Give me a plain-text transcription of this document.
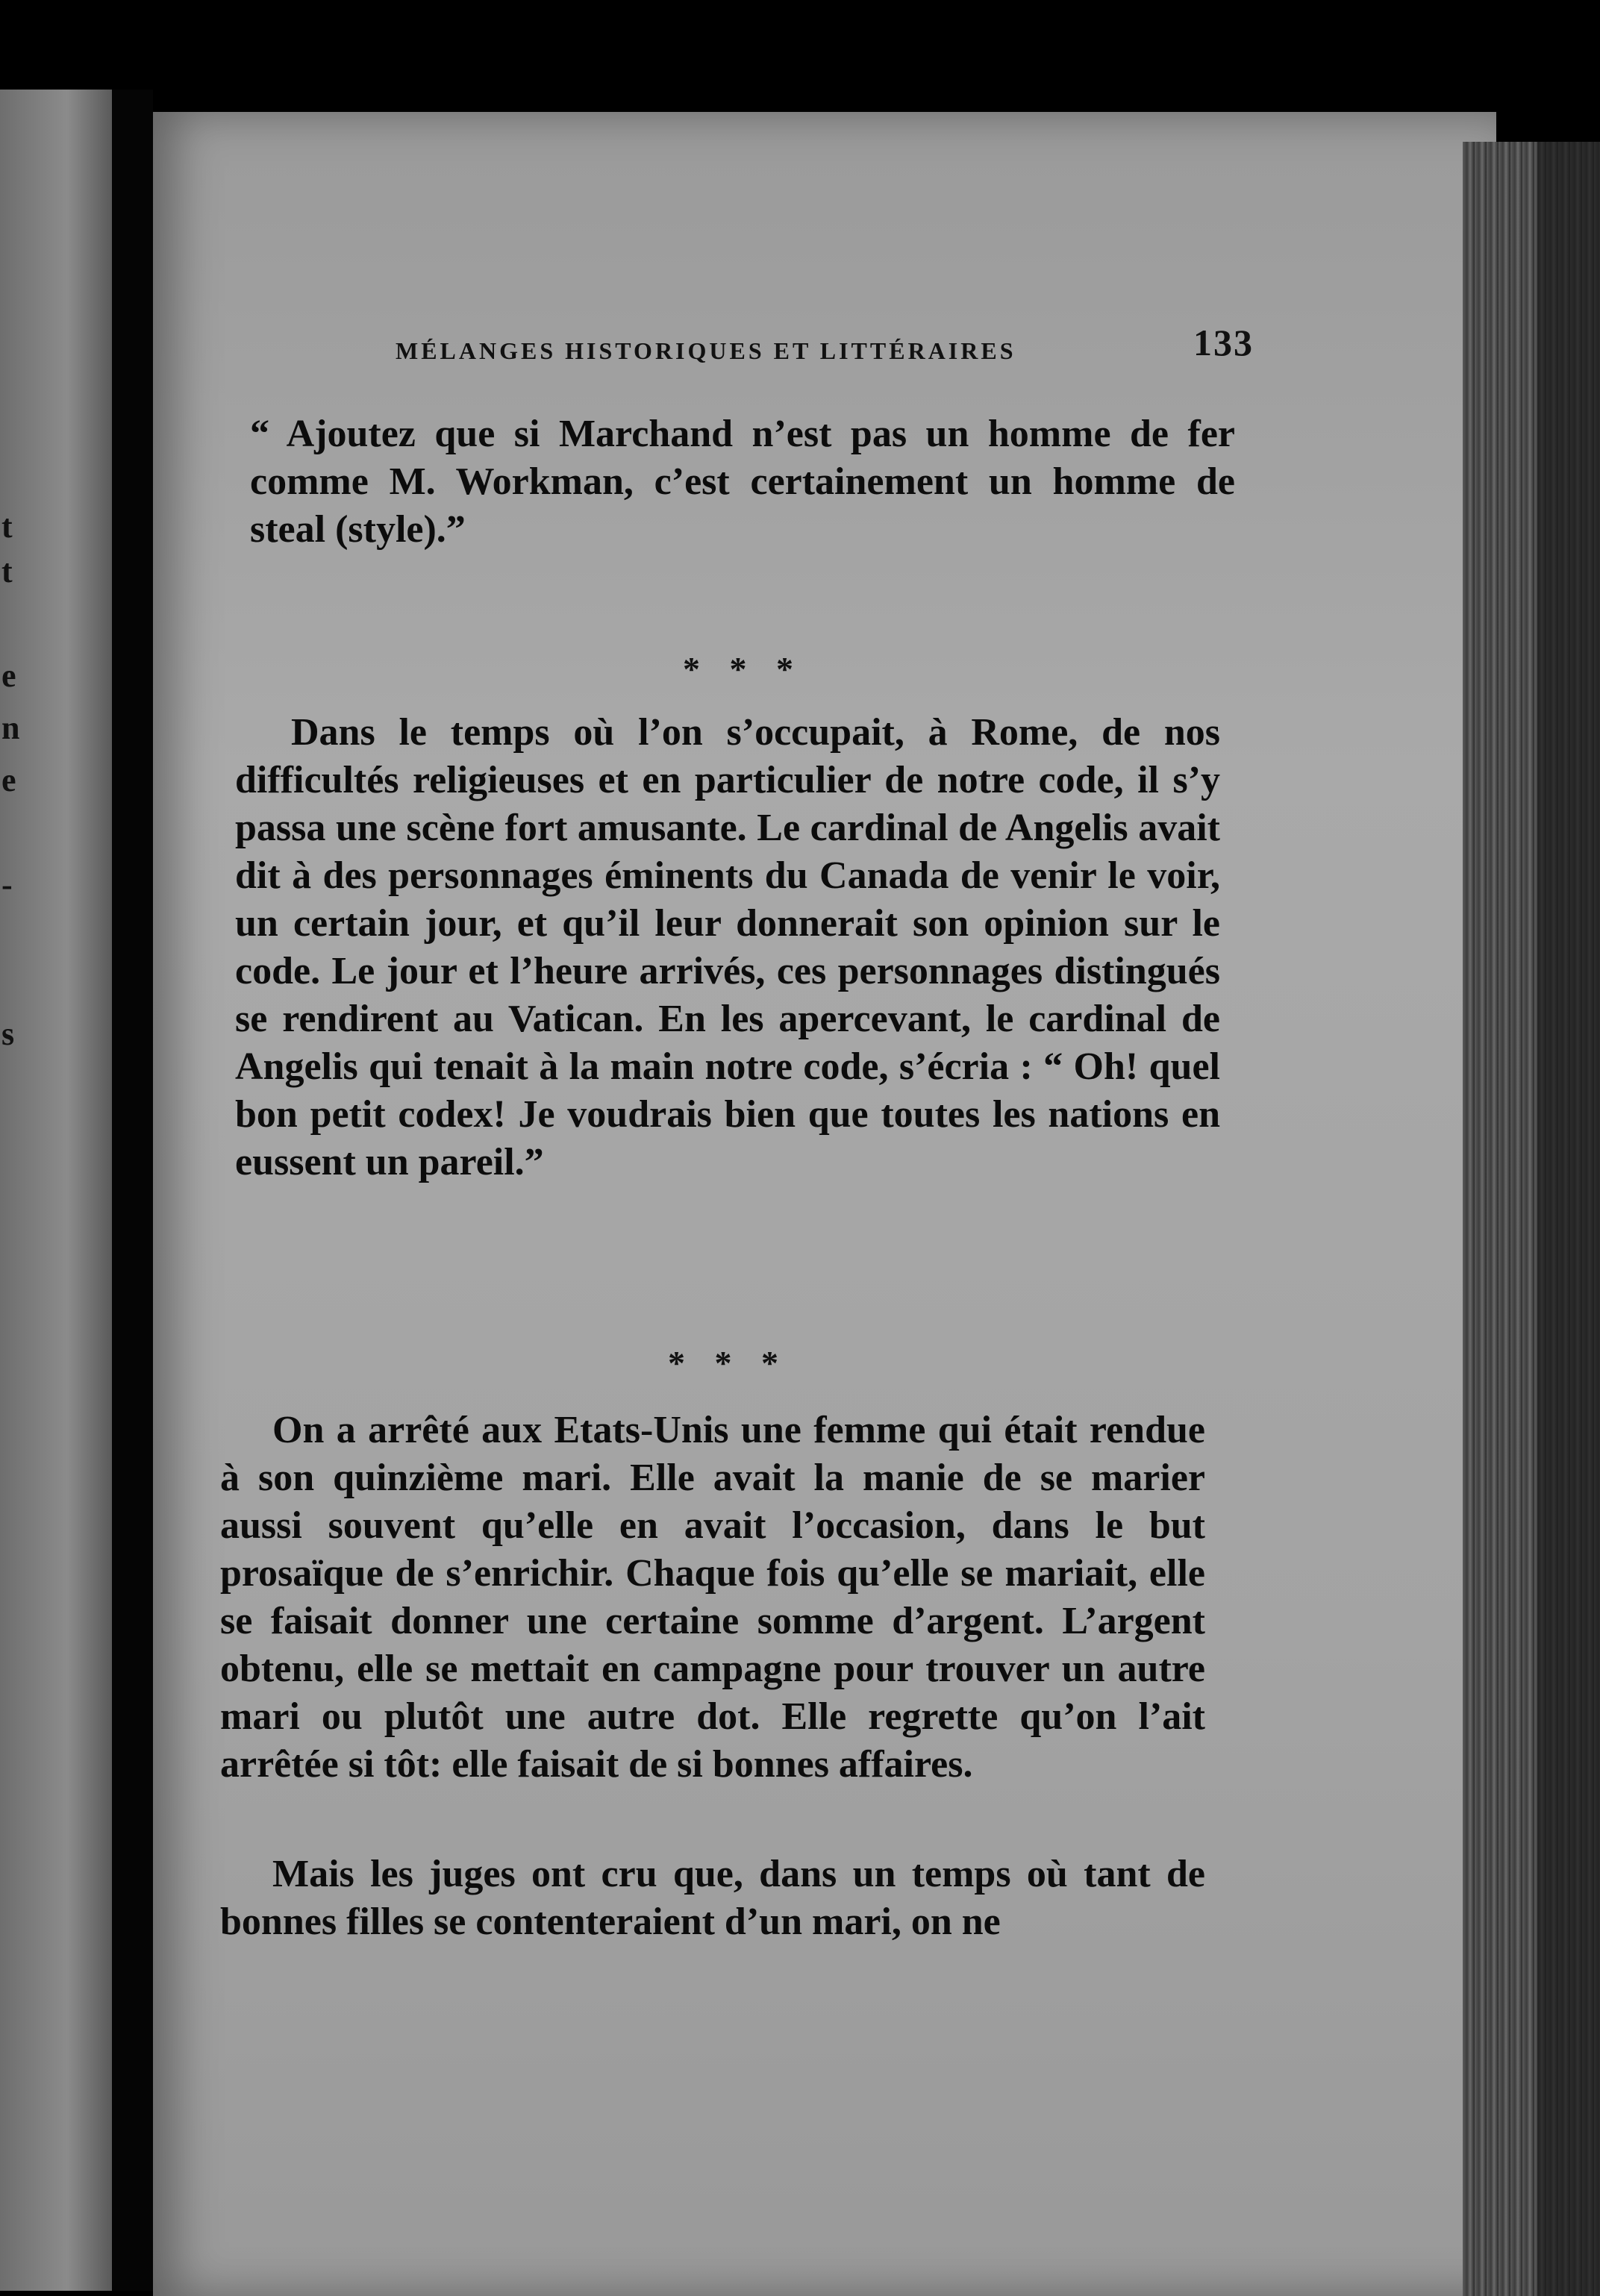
t
t
e
n
e
-
s
MÉLANGES HISTORIQUES ET LITTÉRAIRES	133

“ Ajoutez que si Marchand n’est pas un homme de fer comme M. Workman, c’est certainement un homme de steal (style).”

* * *

Dans le temps où l’on s’occupait, à Rome, de nos difficultés religieuses et en particulier de notre code, il s’y passa une scène fort amusante. Le cardinal de Angelis avait dit à des personnages éminents du Canada de venir le voir, un certain jour, et qu’il leur donnerait son opinion sur le code. Le jour et l’heure arrivés, ces personnages distingués se rendirent au Vatican. En les apercevant, le cardinal de Angelis qui tenait à la main notre code, s’écria : “ Oh! quel bon petit codex! Je voudrais bien que toutes les nations en eussent un pareil.”

* * *

On a arrêté aux Etats-Unis une femme qui était rendue à son quinzième mari. Elle avait la manie de se marier aussi souvent qu’elle en avait l’occasion, dans le but prosaïque de s’enrichir. Chaque fois qu’elle se mariait, elle se faisait donner une certaine somme d’argent. L’argent obtenu, elle se mettait en campagne pour trouver un autre mari ou plutôt une autre dot. Elle regrette qu’on l’ait arrêtée si tôt: elle faisait de si bonnes affaires.

Mais les juges ont cru que, dans un temps où tant de bonnes filles se contenteraient d’un mari, on ne
